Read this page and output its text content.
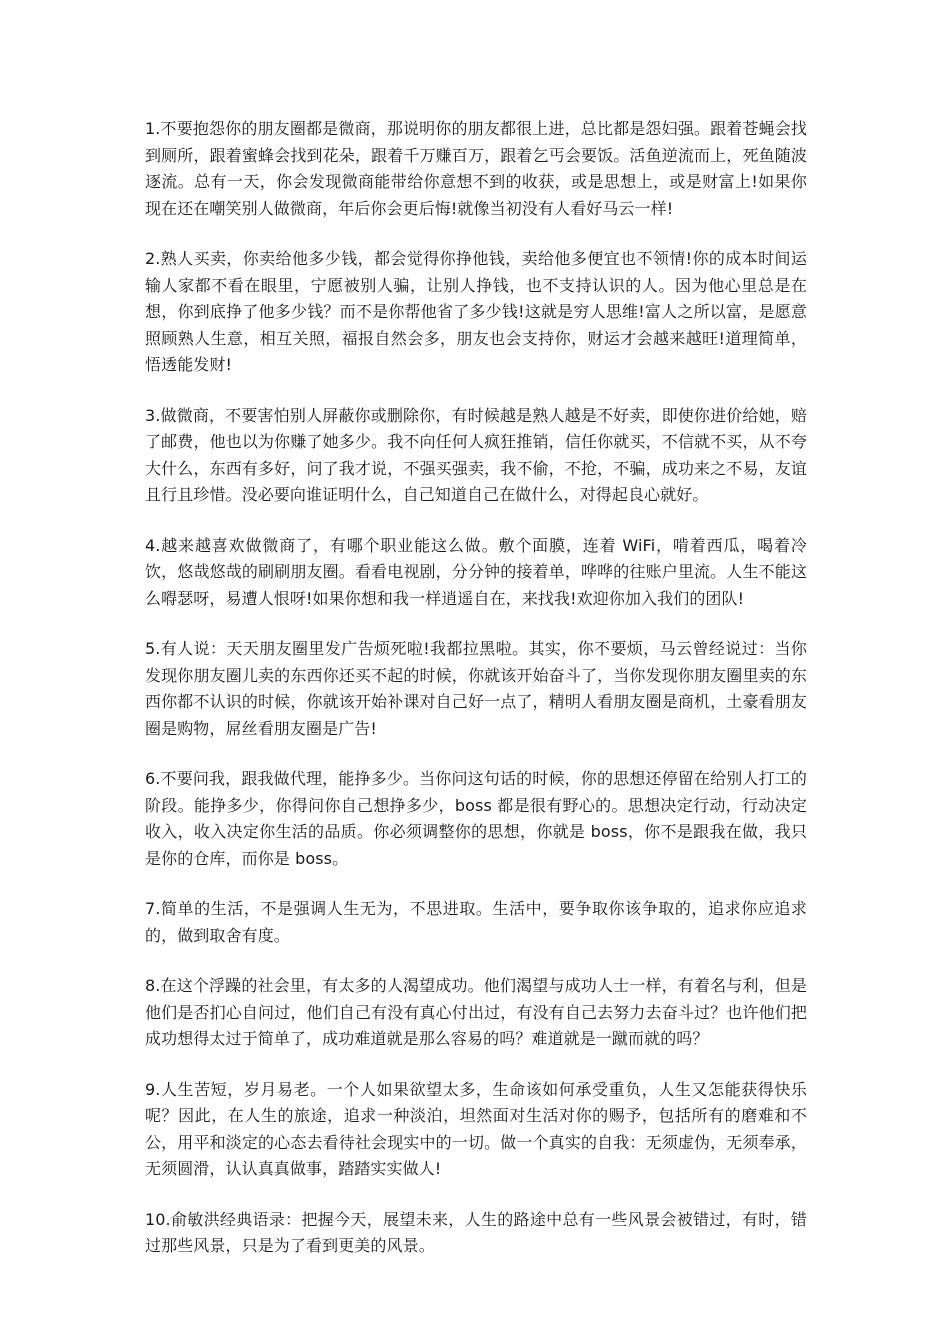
1.不要抱怨你的朋友圈都是微商，那说明你的朋友都很上进，总比都是怨妇强。跟着苍蝇会找到厕所，跟着蜜蜂会找到花朵，跟着千万赚百万，跟着乞丐会要饭。活鱼逆流而上，死鱼随波逐流。总有一天，你会发现微商能带给你意想不到的收获，或是思想上，或是财富上!如果你现在还在嘲笑别人做微商，年后你会更后悔!就像当初没有人看好马云一样!

2.熟人买卖，你卖给他多少钱，都会觉得你挣他钱，卖给他多便宜也不领情!你的成本时间运输人家都不看在眼里，宁愿被别人骗，让别人挣钱，也不支持认识的人。因为他心里总是在想，你到底挣了他多少钱？而不是你帮他省了多少钱!这就是穷人思维!富人之所以富，是愿意照顾熟人生意，相互关照，福报自然会多，朋友也会支持你，财运才会越来越旺!道理简单，悟透能发财!

3.做微商，不要害怕别人屏蔽你或删除你，有时候越是熟人越是不好卖，即使你进价给她，赔了邮费，他也以为你赚了她多少。我不向任何人疯狂推销，信任你就买，不信就不买，从不夸大什么，东西有多好，问了我才说，不强买强卖，我不偷，不抢，不骗，成功来之不易，友谊且行且珍惜。没必要向谁证明什么，自己知道自己在做什么，对得起良心就好。

4.越来越喜欢做微商了，有哪个职业能这么做。敷个面膜，连着 WiFi，啃着西瓜，喝着冷饮，悠哉悠哉的刷刷朋友圈。看看电视剧，分分钟的接着单，哗哗的往账户里流。人生不能这么嘚瑟呀，易遭人恨呀!如果你想和我一样逍遥自在，来找我!欢迎你加入我们的团队!

5.有人说：天天朋友圈里发广告烦死啦!我都拉黑啦。其实，你不要烦，马云曾经说过：当你发现你朋友圈儿卖的东西你还买不起的时候，你就该开始奋斗了，当你发现你朋友圈里卖的东西你都不认识的时候，你就该开始补课对自己好一点了，精明人看朋友圈是商机，土豪看朋友圈是购物，屌丝看朋友圈是广告!

6.不要问我，跟我做代理，能挣多少。当你问这句话的时候，你的思想还停留在给别人打工的阶段。能挣多少，你得问你自己想挣多少，boss 都是很有野心的。思想决定行动，行动决定收入，收入决定你生活的品质。你必须调整你的思想，你就是 boss，你不是跟我在做，我只是你的仓库，而你是 boss。

7.简单的生活，不是强调人生无为，不思进取。生活中，要争取你该争取的，追求你应追求的，做到取舍有度。

8.在这个浮躁的社会里，有太多的人渴望成功。他们渴望与成功人士一样，有着名与利，但是他们是否扪心自问过，他们自己有没有真心付出过，有没有自己去努力去奋斗过？也许他们把成功想得太过于简单了，成功难道就是那么容易的吗？难道就是一蹴而就的吗？

9.人生苦短，岁月易老。一个人如果欲望太多，生命该如何承受重负，人生又怎能获得快乐呢？因此，在人生的旅途，追求一种淡泊，坦然面对生活对你的赐予，包括所有的磨难和不公，用平和淡定的心态去看待社会现实中的一切。做一个真实的自我：无须虚伪，无须奉承，无须圆滑，认认真真做事，踏踏实实做人!

10.俞敏洪经典语录：把握今天，展望未来，人生的路途中总有一些风景会被错过，有时，错过那些风景，只是为了看到更美的风景。
